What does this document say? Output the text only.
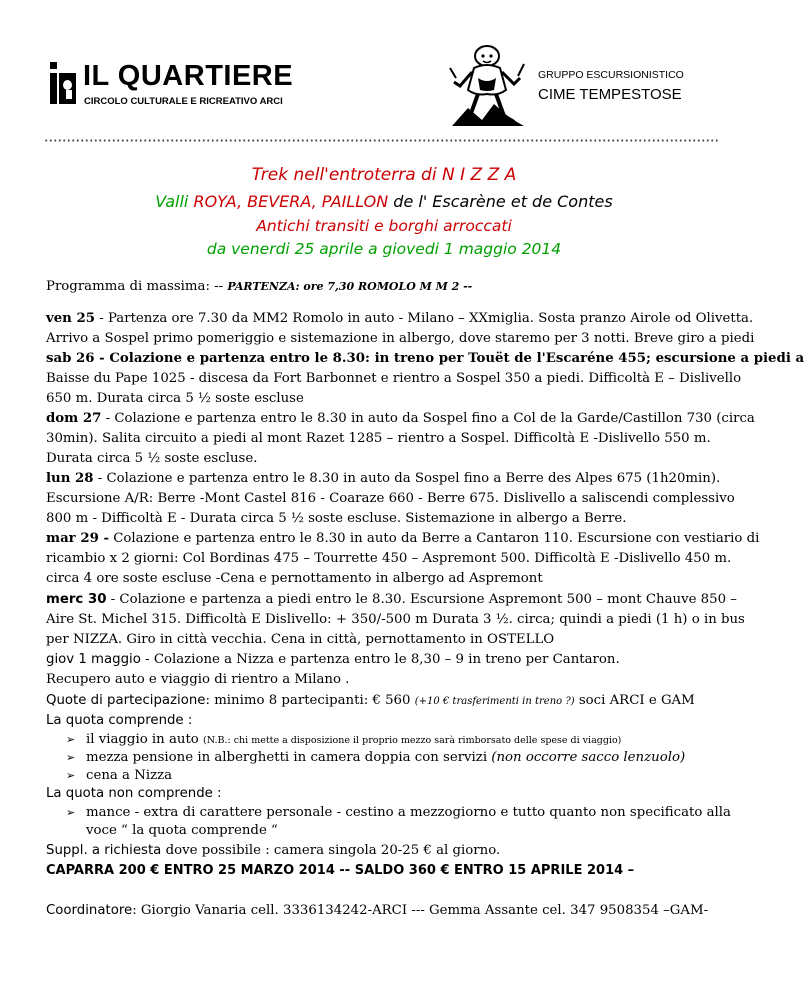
IL QUARTIERE
CIRCOLO CULTURALE E RICREATIVO ARCI
GRUPPO ESCURSIONISTICO
CIME TEMPESTOSE
Trek nell'entroterra di N I Z Z A
Valli ROYA, BEVERA, PAILLON de l' Escarène et de Contes
Antichi transiti e borghi arroccati
da venerdi 25 aprile a giovedi 1 maggio 2014
Programma di massima: -- PARTENZA: ore 7,30 ROMOLO M M 2 --
ven 25 - Partenza ore 7.30 da MM2 Romolo in auto - Milano – XXmiglia. Sosta pranzo Airole od Olivetta.
Arrivo a Sospel primo pomeriggio e sistemazione in albergo, dove staremo per 3 notti. Breve giro a piedi
sab 26 - Colazione e partenza entro le 8.30: in treno per Touët de l'Escaréne 455; escursione a piedi a
Baisse du Pape 1025 - discesa da Fort Barbonnet e rientro a Sospel 350 a piedi. Difficoltà E – Dislivello
650 m. Durata circa 5 ½ soste escluse
dom 27 - Colazione e partenza entro le 8.30 in auto da Sospel fino a Col de la Garde/Castillon 730 (circa
30min). Salita circuito a piedi al mont Razet 1285 – rientro a Sospel. Difficoltà E -Dislivello 550 m.
Durata circa 5 ½ soste escluse.
lun 28 - Colazione e partenza entro le 8.30 in auto da Sospel fino a Berre des Alpes 675 (1h20min).
Escursione A/R: Berre -Mont Castel 816 - Coaraze 660 - Berre 675. Dislivello a saliscendi complessivo
800 m - Difficoltà E - Durata circa 5 ½ soste escluse. Sistemazione in albergo a Berre.
mar 29 - Colazione e partenza entro le 8.30 in auto da Berre a Cantaron 110. Escursione con vestiario di
ricambio x 2 giorni: Col Bordinas 475 – Tourrette 450 – Aspremont 500. Difficoltà E -Dislivello 450 m.
circa 4 ore soste escluse -Cena e pernottamento in albergo ad Aspremont
merc 30 - Colazione e partenza a piedi entro le 8.30. Escursione Aspremont 500 – mont Chauve 850 –
Aire St. Michel 315. Difficoltà E Dislivello: + 350/-500 m Durata 3 ½. circa; quindi a piedi (1 h) o in bus
per NIZZA. Giro in città vecchia. Cena in città, pernottamento in OSTELLO
giov 1 maggio - Colazione a Nizza e partenza entro le 8,30 – 9 in treno per Cantaron.
Recupero auto e viaggio di rientro a Milano .
Quote di partecipazione: minimo 8 partecipanti: € 560 (+10 € trasferimenti in treno ?) soci ARCI e GAM
La quota comprende :
➢ il viaggio in auto (N.B.: chi mette a disposizione il proprio mezzo sarà rimborsato delle spese di viaggio)
➢ mezza pensione in alberghetti in camera doppia con servizi (non occorre sacco lenzuolo)
➢ cena a Nizza
La quota non comprende :
➢ mance - extra di carattere personale - cestino a mezzogiorno e tutto quanto non specificato alla
voce “ la quota comprende “
Suppl. a richiesta dove possibile : camera singola 20-25 € al giorno.
CAPARRA 200 € ENTRO 25 MARZO 2014 -- SALDO 360 € ENTRO 15 APRILE 2014 –
Coordinatore: Giorgio Vanaria cell. 3336134242-ARCI --- Gemma Assante cel. 347 9508354 –GAM-
